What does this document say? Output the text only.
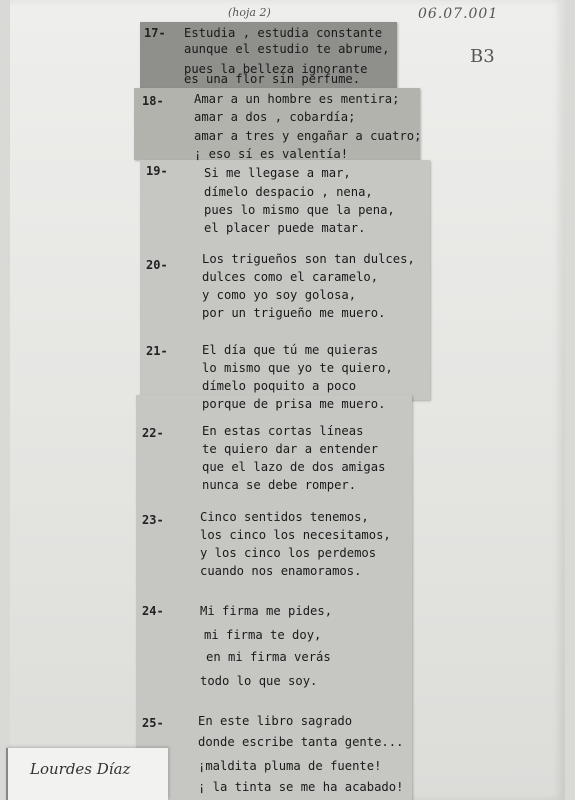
06.07.001
(hoja 2)
B3
17- Estudia , estudia constante
aunque el estudio te abrume,
pues la belleza ignorante
es una flor sin perfume.
18- Amar a un hombre es mentira;
amar a dos , cobardía;
amar a tres y engañar a cuatro;
¡ eso sí es valentía!
19-	Si me llegase a mar,
dímelo despacio , nena,
pues lo mismo que la pena,
el placer puede matar.
20-	Los trigueños son tan dulces,
dulces como el caramelo,
y como yo soy golosa,
por un trigueño me muero.
21-	El día que tú me quieras
lo mismo que yo te quiero,
dímelo poquito a poco
porque de prisa me muero.
22-	En estas cortas líneas
te quiero dar a entender
que el lazo de dos amigas
nunca se debe romper.
23-	Cinco sentidos tenemos,
los cinco los necesitamos,
y los cinco los perdemos
cuando nos enamoramos.
24-	Mi firma me pides,
mi firma te doy,
en mi firma verás
todo lo que soy.
25-	En este libro sagrado
donde escribe tanta gente...
¡maldita pluma de fuente!
¡ la tinta se me ha acabado!
Lourdes Díaz
